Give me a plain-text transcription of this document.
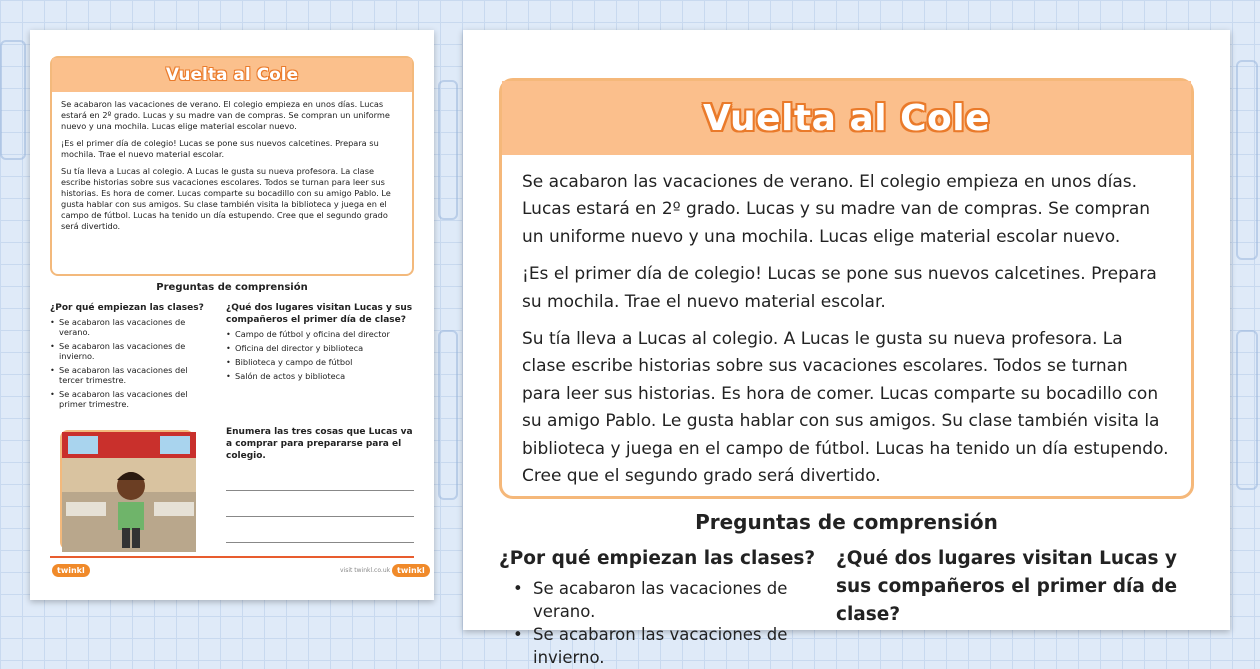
Vuelta al Cole

Se acabaron las vacaciones de verano. El colegio empieza en unos días. Lucas estará en 2º grado. Lucas y su madre van de compras. Se compran un uniforme nuevo y una mochila. Lucas elige material escolar nuevo.

¡Es el primer día de colegio! Lucas se pone sus nuevos calcetines. Prepara su mochila. Trae el nuevo material escolar.

Su tía lleva a Lucas al colegio. A Lucas le gusta su nueva profesora. La clase escribe historias sobre sus vacaciones escolares. Todos se turnan para leer sus historias. Es hora de comer. Lucas comparte su bocadillo con su amigo Pablo. Le gusta hablar con sus amigos. Su clase también visita la biblioteca y juega en el campo de fútbol. Lucas ha tenido un día estupendo. Cree que el segundo grado será divertido.

Preguntas de comprensión
¿Por qué empiezan las clases?
• Se acabaron las vacaciones de verano.
• Se acabaron las vacaciones de invierno.
• Se acabaron las vacaciones del tercer trimestre.
• Se acabaron las vacaciones del primer trimestre.
¿Qué dos lugares visitan Lucas y sus compañeros el primer día de clase?
• Campo de fútbol y oficina del director
• Oficina del director y biblioteca
• Biblioteca y campo de fútbol
• Salón de actos y biblioteca
Enumera las tres cosas que Lucas va a comprar para prepararse para el colegio.
twinkl	visit twinkl.co.uk twinkl
Vuelta al Cole

Se acabaron las vacaciones de verano. El colegio empieza en unos días. Lucas estará en 2º grado. Lucas y su madre van de compras. Se compran un uniforme nuevo y una mochila. Lucas elige material escolar nuevo.

¡Es el primer día de colegio! Lucas se pone sus nuevos calcetines. Prepara su mochila. Trae el nuevo material escolar.

Su tía lleva a Lucas al colegio. A Lucas le gusta su nueva profesora. La clase escribe historias sobre sus vacaciones escolares. Todos se turnan para leer sus historias. Es hora de comer. Lucas comparte su bocadillo con su amigo Pablo. Le gusta hablar con sus amigos. Su clase también visita la biblioteca y juega en el campo de fútbol. Lucas ha tenido un día estupendo. Cree que el segundo grado será divertido.

Preguntas de comprensión
¿Por qué empiezan las clases?
• Se acabaron las vacaciones de verano.
• Se acabaron las vacaciones de invierno.
¿Qué dos lugares visitan Lucas y sus compañeros el primer día de clase?
